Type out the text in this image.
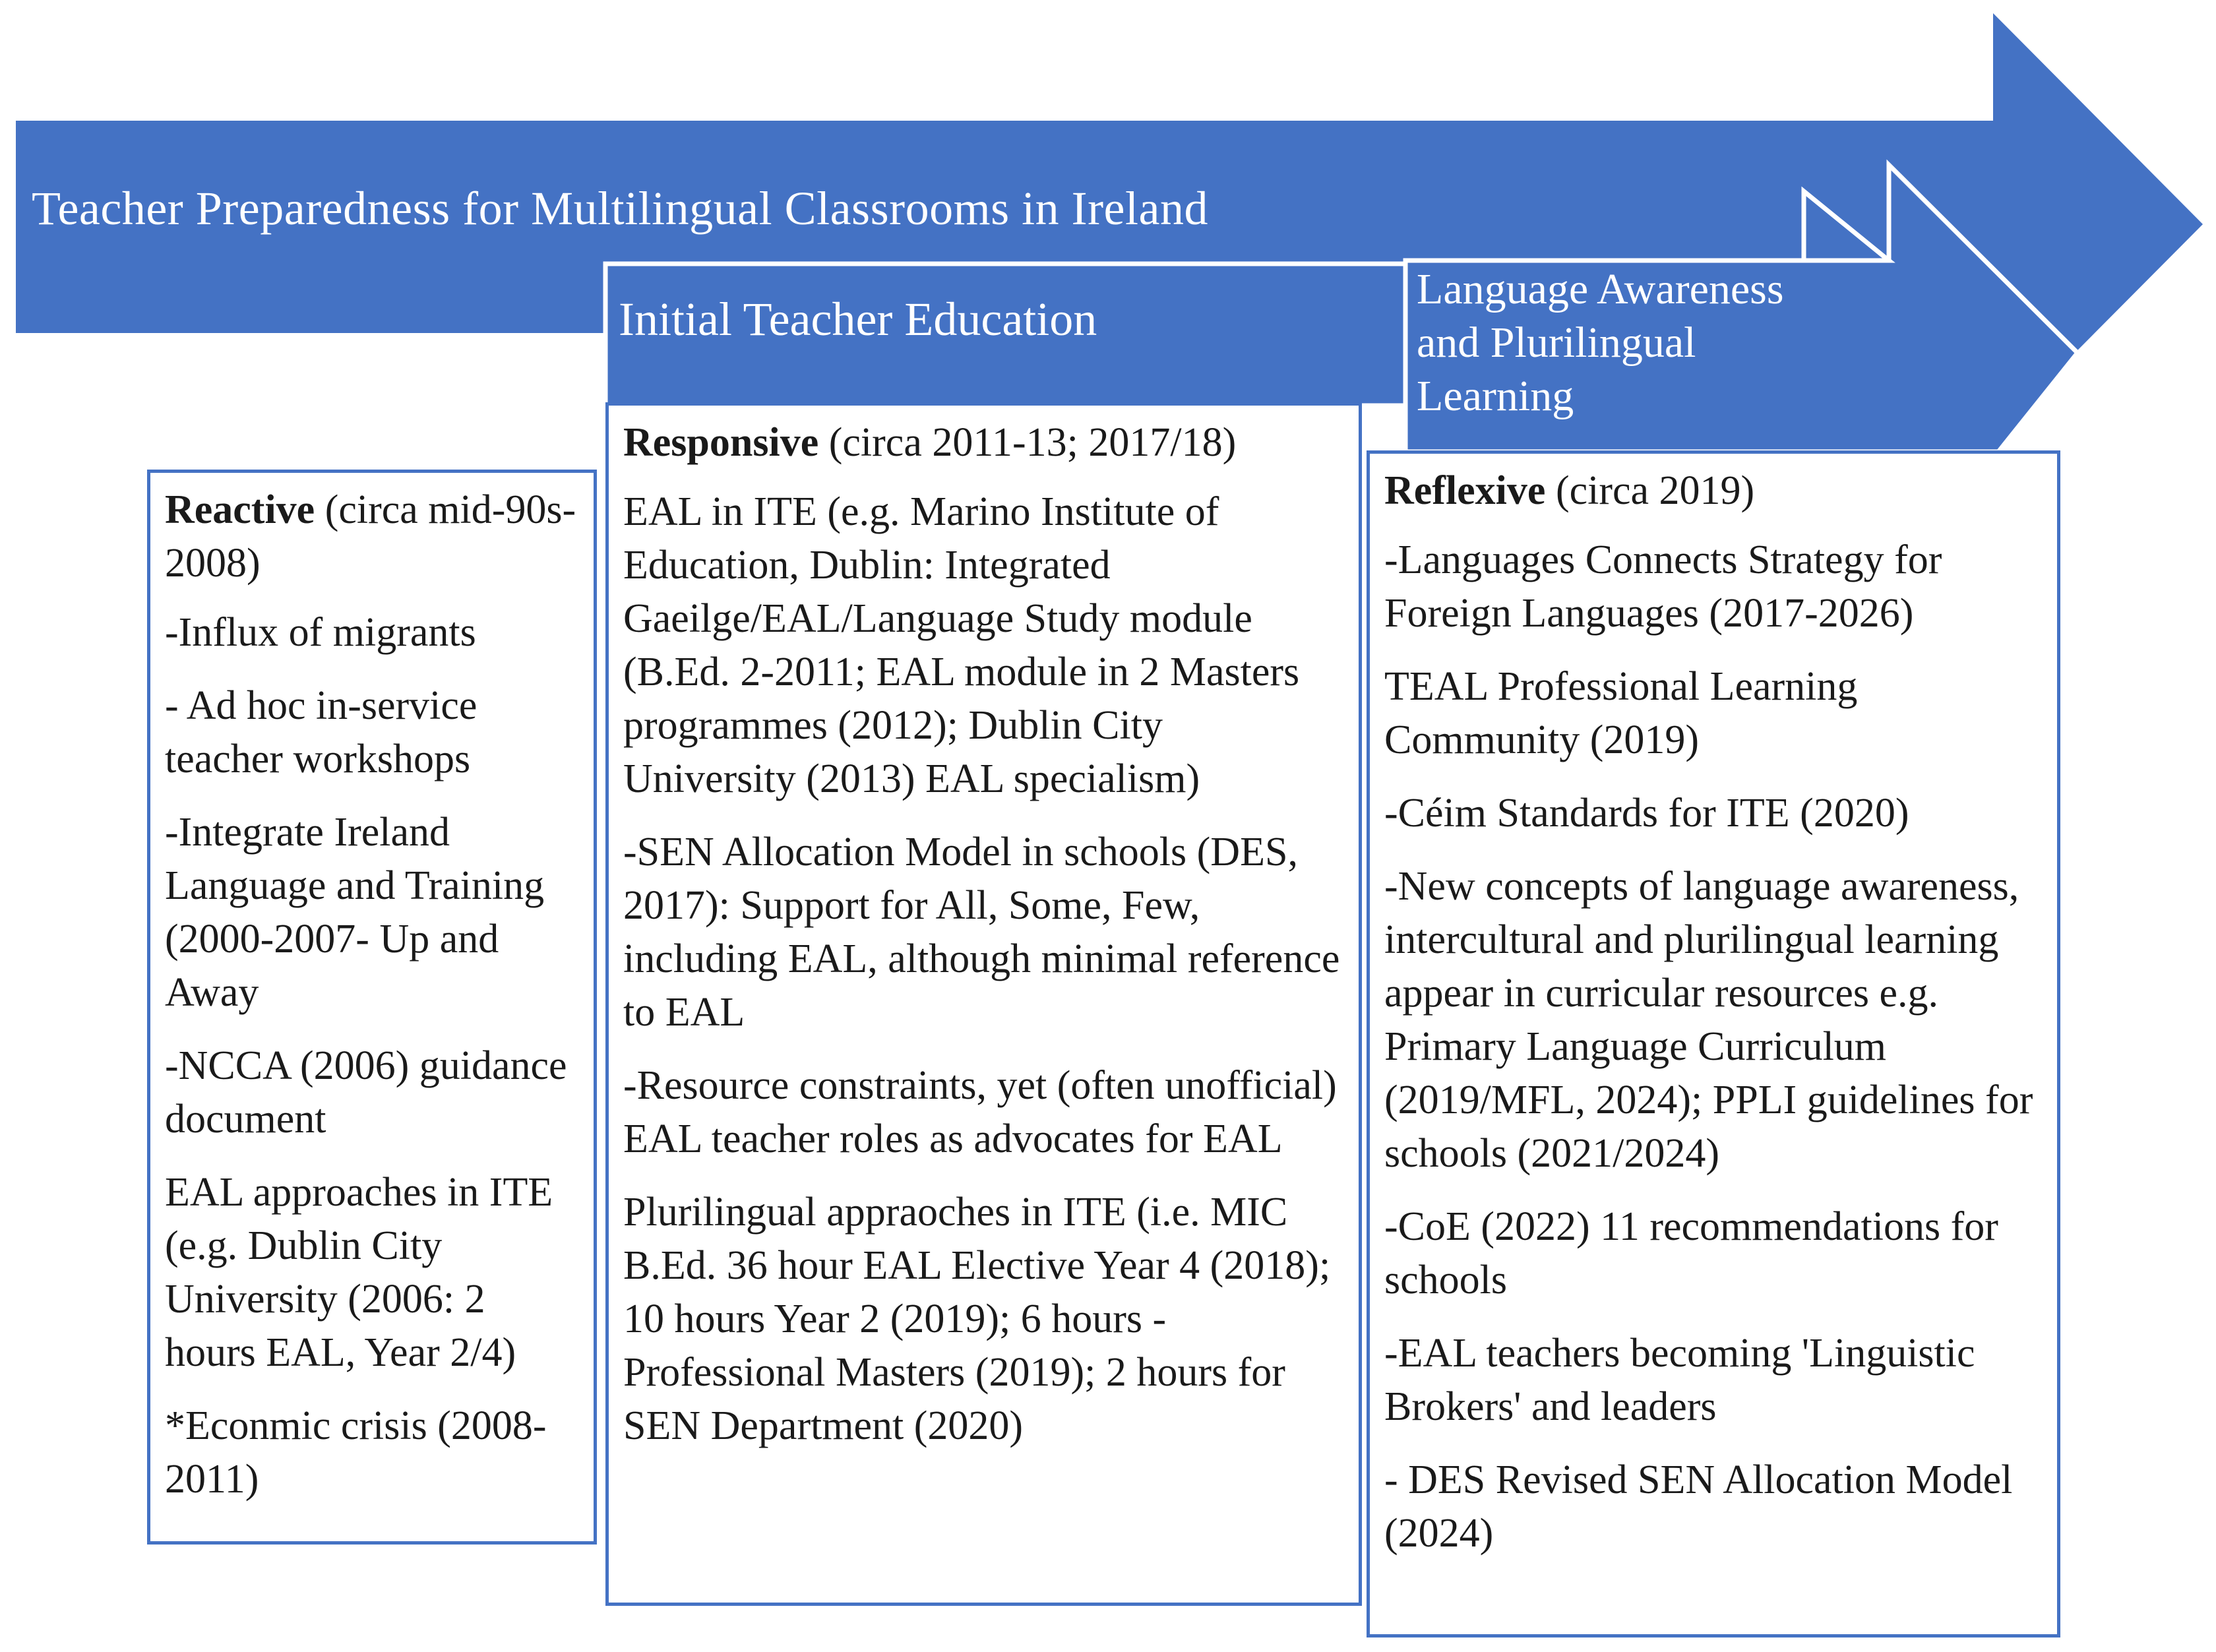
Teacher Preparedness for Multilingual Classrooms in Ireland
Initial Teacher Education
Language Awareness
and Plurilingual
Learning

Reactive (circa mid-90s-2008)

-Influx of migrants

- Ad hoc in-service teacher workshops

-Integrate Ireland Language and Training (2000-2007- Up and Away

-NCCA (2006) guidance document

EAL approaches in ITE (e.g. Dublin City University (2006: 2 hours EAL, Year 2/4)

*Econmic crisis (2008-2011)

Responsive (circa 2011-13; 2017/18)

EAL in ITE (e.g. Marino Institute of Education, Dublin: Integrated Gaeilge/EAL/Language Study module (B.Ed. 2-2011; EAL module in 2 Masters programmes (2012); Dublin City University (2013) EAL specialism)

-SEN Allocation Model in schools (DES, 2017): Support for All, Some, Few, including EAL, although minimal reference to EAL

-Resource constraints, yet (often unofficial) EAL teacher roles as advocates for EAL

Plurilingual appraoches in ITE (i.e. MIC B.Ed. 36 hour EAL Elective Year 4 (2018); 10 hours Year 2 (2019); 6 hours - Professional Masters (2019); 2 hours for SEN Department (2020)

Reflexive (circa 2019)

-Languages Connects Strategy for Foreign Languages (2017-2026)

TEAL Professional Learning Community (2019)

-Céim Standards for ITE (2020)

-New concepts of language awareness, intercultural and plurilingual learning appear in curricular resources e.g. Primary Language Curriculum (2019/MFL, 2024); PPLI guidelines for schools (2021/2024)

-CoE (2022) 11 recommendations for schools

-EAL teachers becoming 'Linguistic Brokers' and leaders

- DES Revised SEN Allocation Model (2024)
